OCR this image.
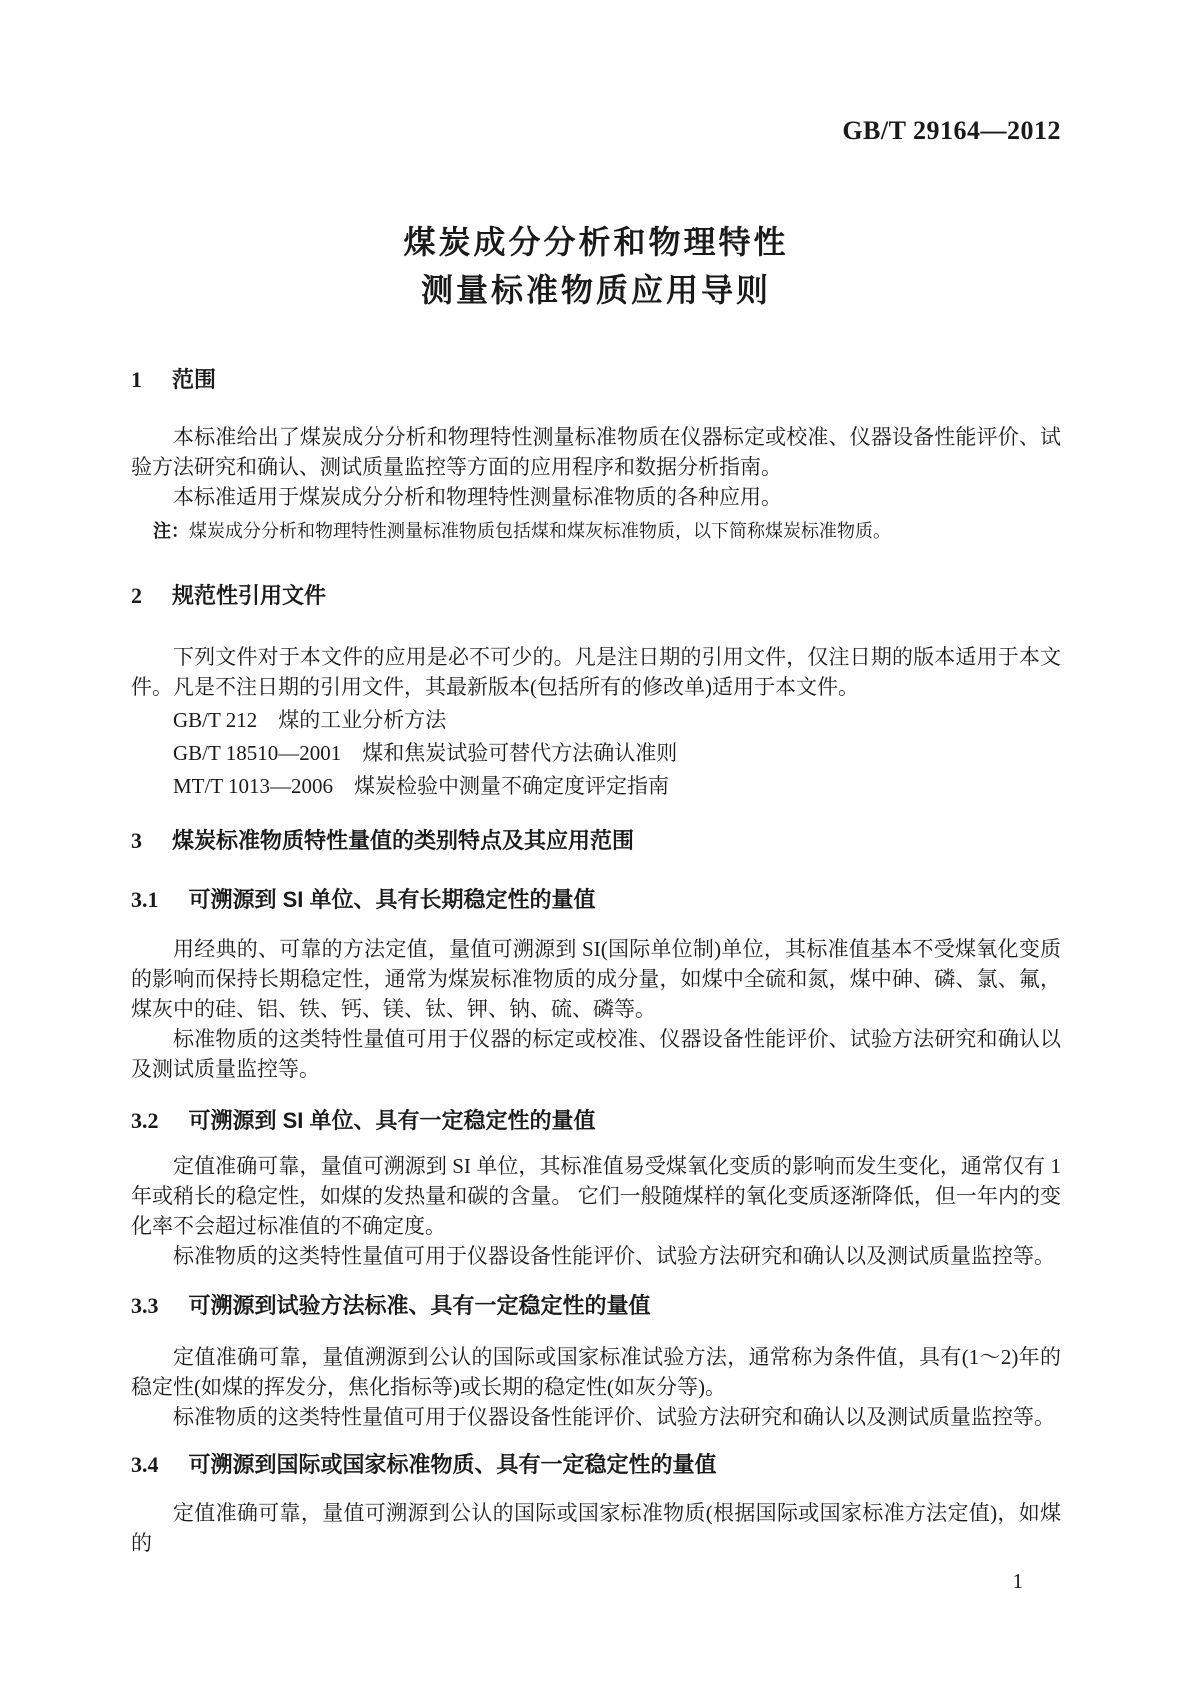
GB/T 29164—2012
煤炭成分分析和物理特性
测量标准物质应用导则
1 范围

本标准给出了煤炭成分分析和物理特性测量标准物质在仪器标定或校准、仪器设备性能评价、试验方法研究和确认、测试质量监控等方面的应用程序和数据分析指南。

本标准适用于煤炭成分分析和物理特性测量标准物质的各种应用。

注：煤炭成分分析和物理特性测量标准物质包括煤和煤灰标准物质，以下简称煤炭标准物质。
2 规范性引用文件

下列文件对于本文件的应用是必不可少的。凡是注日期的引用文件，仅注日期的版本适用于本文件。凡是不注日期的引用文件，其最新版本(包括所有的修改单)适用于本文件。

GB/T 212　煤的工业分析方法

GB/T 18510—2001　煤和焦炭试验可替代方法确认准则

MT/T 1013—2006　煤炭检验中测量不确定度评定指南

3 煤炭标准物质特性量值的类别特点及其应用范围
3.1 可溯源到 SI 单位、具有长期稳定性的量值

用经典的、可靠的方法定值，量值可溯源到 SI(国际单位制)单位，其标准值基本不受煤氧化变质的影响而保持长期稳定性，通常为煤炭标准物质的成分量，如煤中全硫和氮，煤中砷、磷、氯、氟，煤灰中的硅、铝、铁、钙、镁、钛、钾、钠、硫、磷等。

标准物质的这类特性量值可用于仪器的标定或校准、仪器设备性能评价、试验方法研究和确认以及测试质量监控等。

3.2 可溯源到 SI 单位、具有一定稳定性的量值

定值准确可靠，量值可溯源到 SI 单位，其标准值易受煤氧化变质的影响而发生变化，通常仅有 1 年或稍长的稳定性，如煤的发热量和碳的含量。 它们一般随煤样的氧化变质逐渐降低，但一年内的变化率不会超过标准值的不确定度。

标准物质的这类特性量值可用于仪器设备性能评价、试验方法研究和确认以及测试质量监控等。

3.3 可溯源到试验方法标准、具有一定稳定性的量值

定值准确可靠，量值溯源到公认的国际或国家标准试验方法，通常称为条件值，具有(1～2)年的稳定性(如煤的挥发分，焦化指标等)或长期的稳定性(如灰分等)。

标准物质的这类特性量值可用于仪器设备性能评价、试验方法研究和确认以及测试质量监控等。

3.4 可溯源到国际或国家标准物质、具有一定稳定性的量值

定值准确可靠，量值可溯源到公认的国际或国家标准物质(根据国际或国家标准方法定值)，如煤的

1
